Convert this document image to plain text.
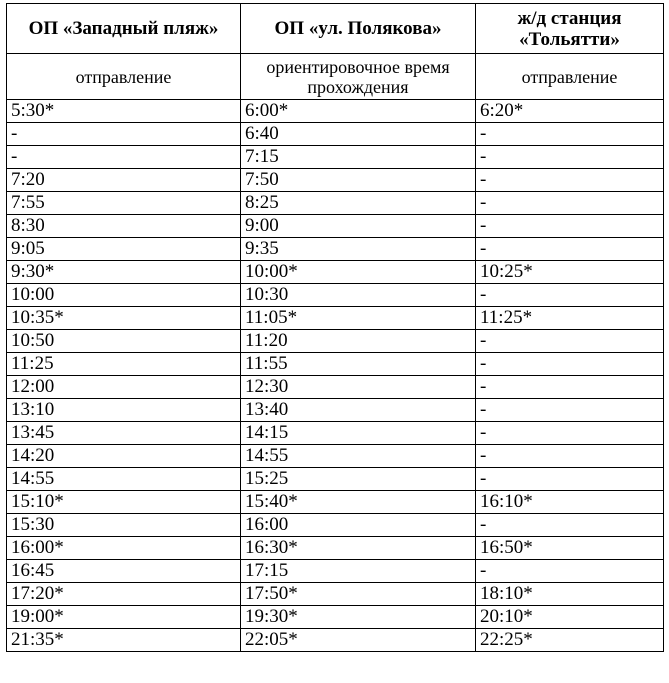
ОП «Западный пляж»	ОП «ул. Полякова»	ж/д станция «Тольятти»
отправление	ориентировочное время прохождения	отправление
5:30*	6:00*	6:20*
-	6:40	-
-	7:15	-
7:20	7:50	-
7:55	8:25	-
8:30	9:00	-
9:05	9:35	-
9:30*	10:00*	10:25*
10:00	10:30	-
10:35*	11:05*	11:25*
10:50	11:20	-
11:25	11:55	-
12:00	12:30	-
13:10	13:40	-
13:45	14:15	-
14:20	14:55	-
14:55	15:25	-
15:10*	15:40*	16:10*
15:30	16:00	-
16:00*	16:30*	16:50*
16:45	17:15	-
17:20*	17:50*	18:10*
19:00*	19:30*	20:10*
21:35*	22:05*	22:25*
